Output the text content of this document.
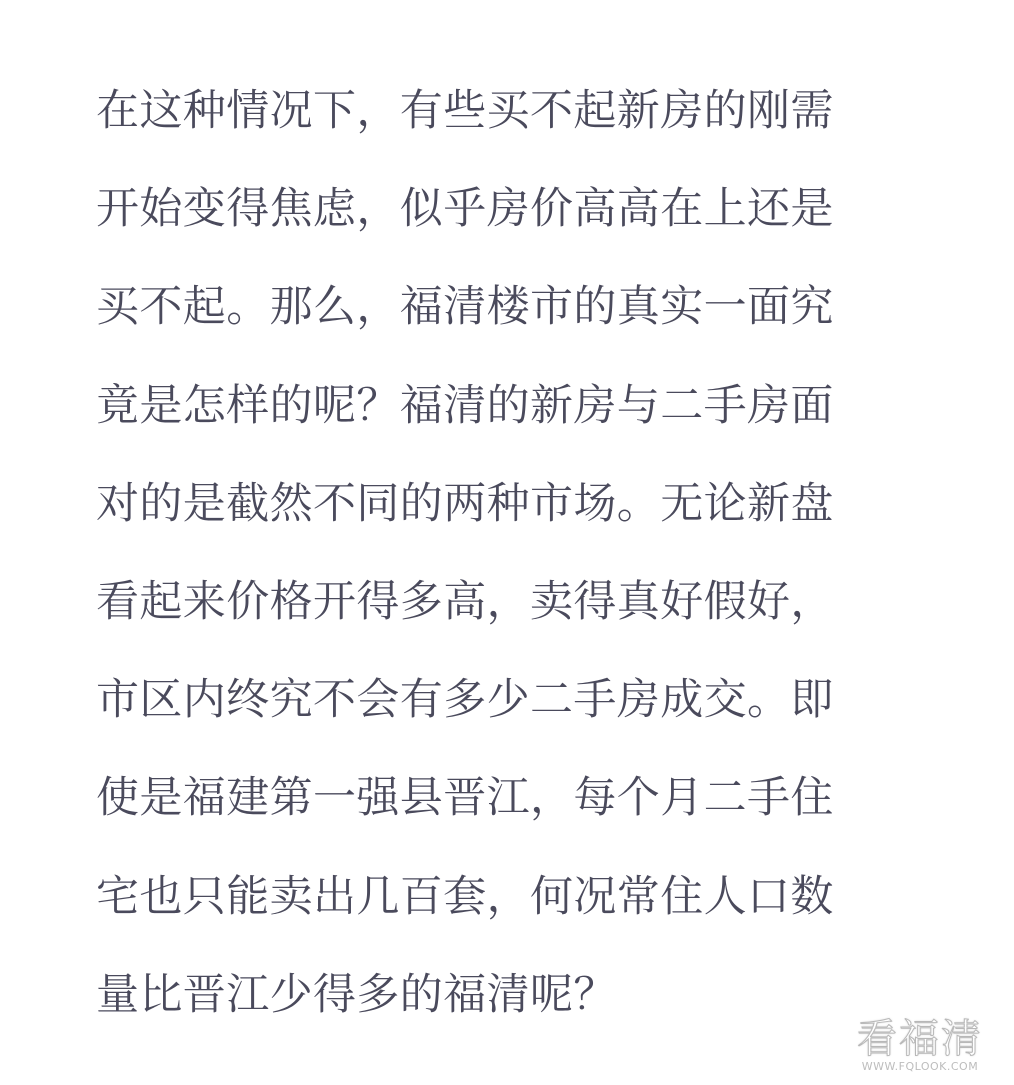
在这种情况下，有些买不起新房的刚需
开始变得焦虑，似乎房价高高在上还是
买不起。那么，福清楼市的真实一面究
竟是怎样的呢？福清的新房与二手房面
对的是截然不同的两种市场。无论新盘
看起来价格开得多高，卖得真好假好，
市区内终究不会有多少二手房成交。即
使是福建第一强县晋江，每个月二手住
宅也只能卖出几百套，何况常住人口数
量比晋江少得多的福清呢？
看福清
WWW.FQLOOK.COM
